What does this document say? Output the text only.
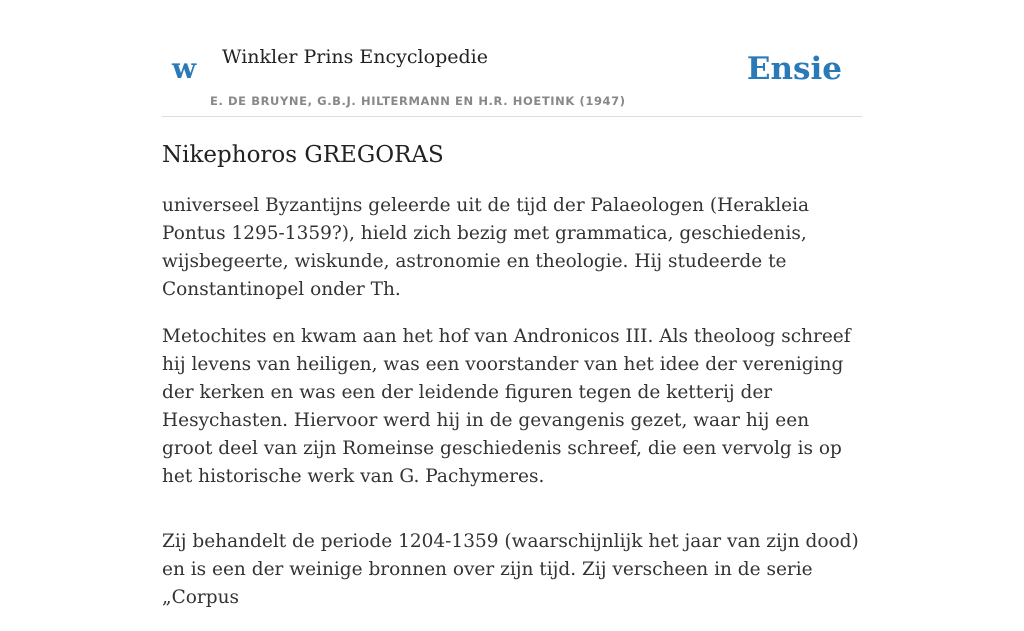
w Winkler Prins Encyclopedie
E. DE BRUYNE, G.B.J. HILTERMANN EN H.R. HOETINK (1947)
Ensie
Nikephoros GREGORAS

universeel Byzantijns geleerde uit de tijd der Palaeologen (Herakleia Pontus 1295-1359?), hield zich bezig met grammatica, geschiedenis, wijsbegeerte, wiskunde, astronomie en theologie. Hij studeerde te Constantinopel onder Th.

Metochites en kwam aan het hof van Andronicos III. Als theoloog schreef hij levens van heiligen, was een voorstander van het idee der vereniging der kerken en was een der leidende figuren tegen de ketterij der Hesychasten. Hiervoor werd hij in de gevangenis gezet, waar hij een groot deel van zijn Romeinse geschiedenis schreef, die een vervolg is op het historische werk van G. Pachymeres.

Zij behandelt de periode 1204-1359 (waarschijnlijk het jaar van zijn dood) en is een der weinige bronnen over zijn tijd. Zij verscheen in de serie „Corpus
